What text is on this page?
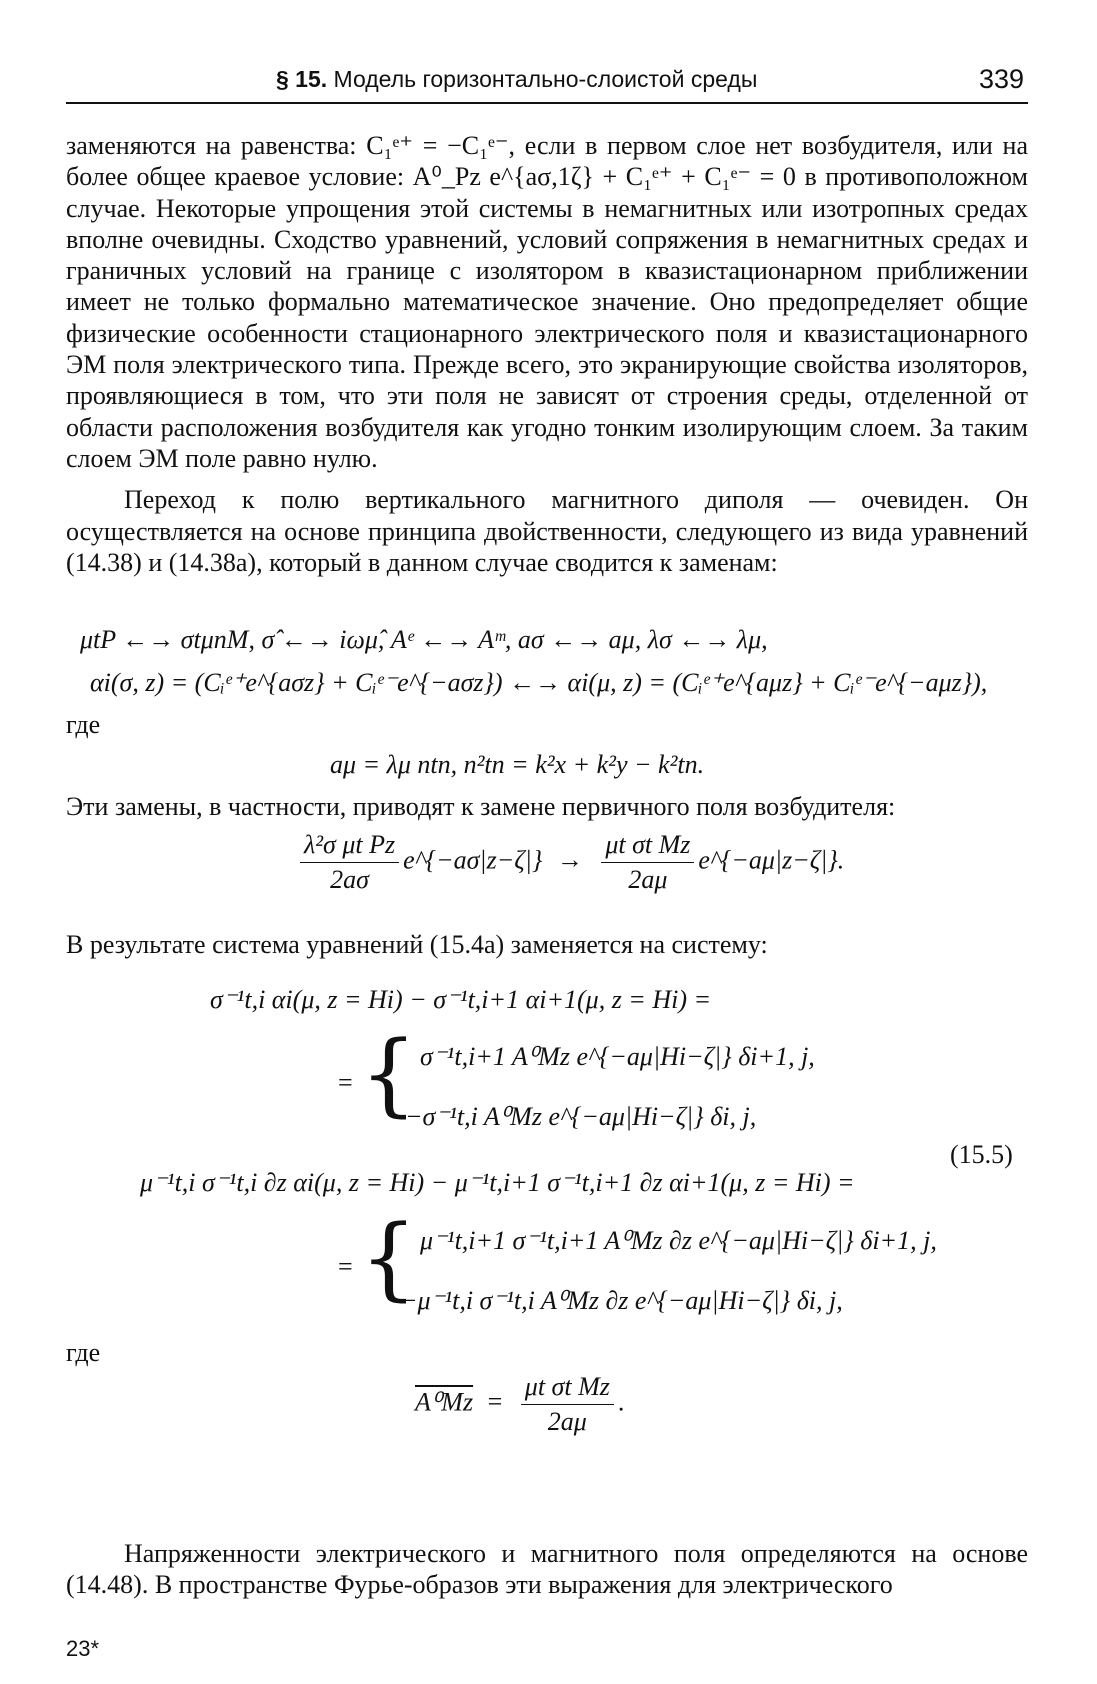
§ 15. Модель горизонтально-слоистой среды	339

заменяются на равенства: C₁ᵉ⁺ = −C₁ᵉ⁻, если в первом слое нет возбудителя, или на более общее краевое условие: A⁰_Pz e^{aσ,1ζ} + C₁ᵉ⁺ + C₁ᵉ⁻ = 0 в противоположном случае. Некоторые упрощения этой системы в немагнитных или изотропных средах вполне очевидны. Сходство уравнений, условий сопряжения в немагнитных средах и граничных условий на границе с изолятором в квазистационарном приближении имеет не только формально математическое значение. Оно предопределяет общие физические особенности стационарного электрического поля и квазистационарного ЭМ поля электрического типа. Прежде всего, это экранирующие свойства изоляторов, проявляющиеся в том, что эти поля не зависят от строения среды, отделенной от области расположения возбудителя как угодно тонким изолирующим слоем. За таким слоем ЭМ поле равно нулю.

Переход к полю вертикального магнитного диполя — очевиден. Он осуществляется на основе принципа двойственности, следующего из вида уравнений (14.38) и (14.38а), который в данном случае сводится к заменам:

μtP ←→ σtμnM, σ̂ ←→ iωμ̂, Aᵉ ←→ Aᵐ, aσ ←→ aμ, λσ ←→ λμ,
αi(σ, z) = (Cᵢᵉ⁺e^{aσz} + Cᵢᵉ⁻e^{−aσz}) ←→ αi(μ, z) = (Cᵢᵉ⁺e^{aμz} + Cᵢᵉ⁻e^{−aμz}),
где
aμ = λμ ntn, n²tn = k²x + k²y − k²tn.
Эти замены, в частности, приводят к замене первичного поля возбудителя:
$\frac{\text{λ²σ μt Pz}}{2a\sigma}$ e^{−aσ|z−ζ|} → $\frac{\text{μt σt Mz}}{2a\mu}$ e^{−aμ|z−ζ|}.
В результате система уравнений (15.4а) заменяется на систему:
σ⁻¹t,i αi(μ, z = Hi) − σ⁻¹t,i+1 αi+1(μ, z = Hi) =
= { σ⁻¹t,i+1 A⁰Mz e^{−aμ|Hi−ζ|} δi+1, j,
−σ⁻¹t,i A⁰Mz e^{−aμ|Hi−ζ|} δi, j,
(15.5)
μ⁻¹t,i σ⁻¹t,i ∂z αi(μ, z = Hi) − μ⁻¹t,i+1 σ⁻¹t,i+1 ∂z αi+1(μ, z = Hi) =
= { μ⁻¹t,i+1 σ⁻¹t,i+1 A⁰Mz ∂z e^{−aμ|Hi−ζ|} δi+1, j,
−μ⁻¹t,i σ⁻¹t,i A⁰Mz ∂z e^{−aμ|Hi−ζ|} δi, j,
где
$A^0Mz = \frac{\text{μt σt Mz}}{2a\mu}$ .

Напряженности электрического и магнитного поля определяются на основе (14.48). В пространстве Фурье-образов эти выражения для электрического

23*
